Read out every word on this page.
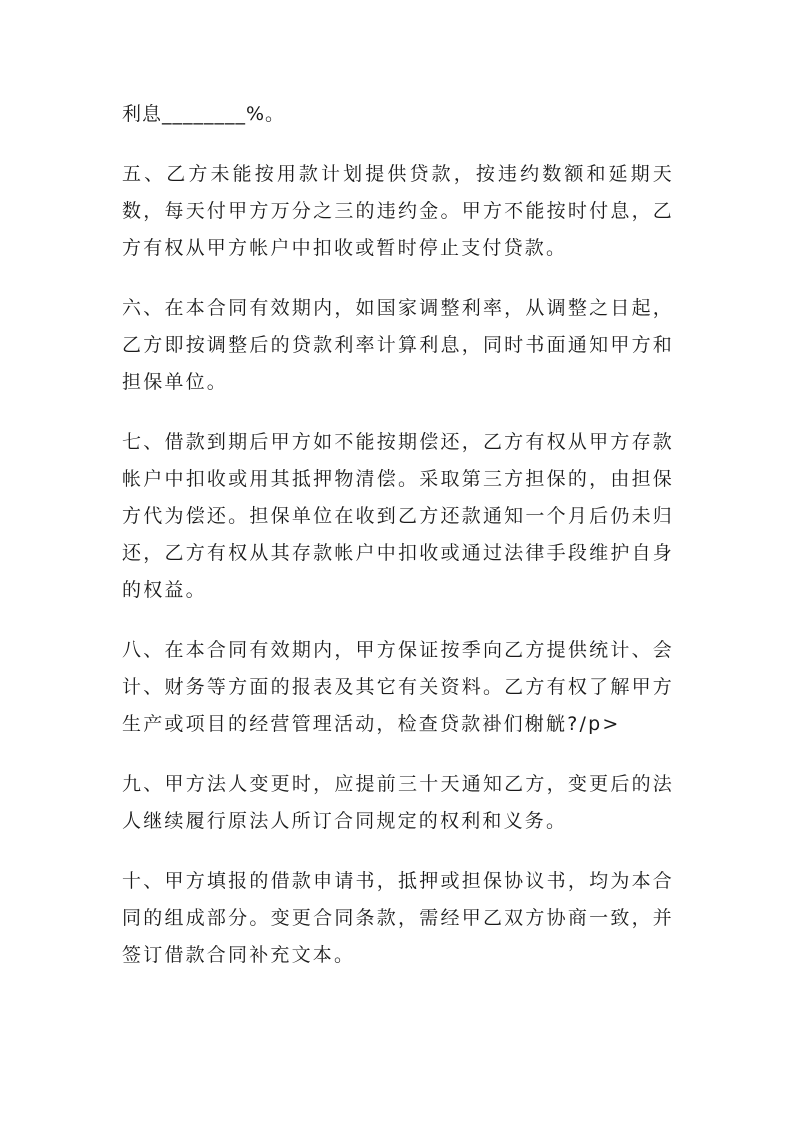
利息________%。

五、乙方未能按用款计划提供贷款，按违约数额和延期天数，每天付甲方万分之三的违约金。甲方不能按时付息，乙方有权从甲方帐户中扣收或暂时停止支付贷款。

六、在本合同有效期内，如国家调整利率，从调整之日起，乙方即按调整后的贷款利率计算利息，同时书面通知甲方和担保单位。

七、借款到期后甲方如不能按期偿还，乙方有权从甲方存款帐户中扣收或用其抵押物清偿。采取第三方担保的，由担保方代为偿还。担保单位在收到乙方还款通知一个月后仍未归还，乙方有权从其存款帐户中扣收或通过法律手段维护自身的权益。

八、在本合同有效期内，甲方保证按季向乙方提供统计、会计、财务等方面的报表及其它有关资料。乙方有权了解甲方生产或项目的经营管理活动，检查贷款褂们榭觥?/p>

九、甲方法人变更时，应提前三十天通知乙方，变更后的法人继续履行原法人所订合同规定的权利和义务。

十、甲方填报的借款申请书，抵押或担保协议书，均为本合同的组成部分。变更合同条款，需经甲乙双方协商一致，并签订借款合同补充文本。
